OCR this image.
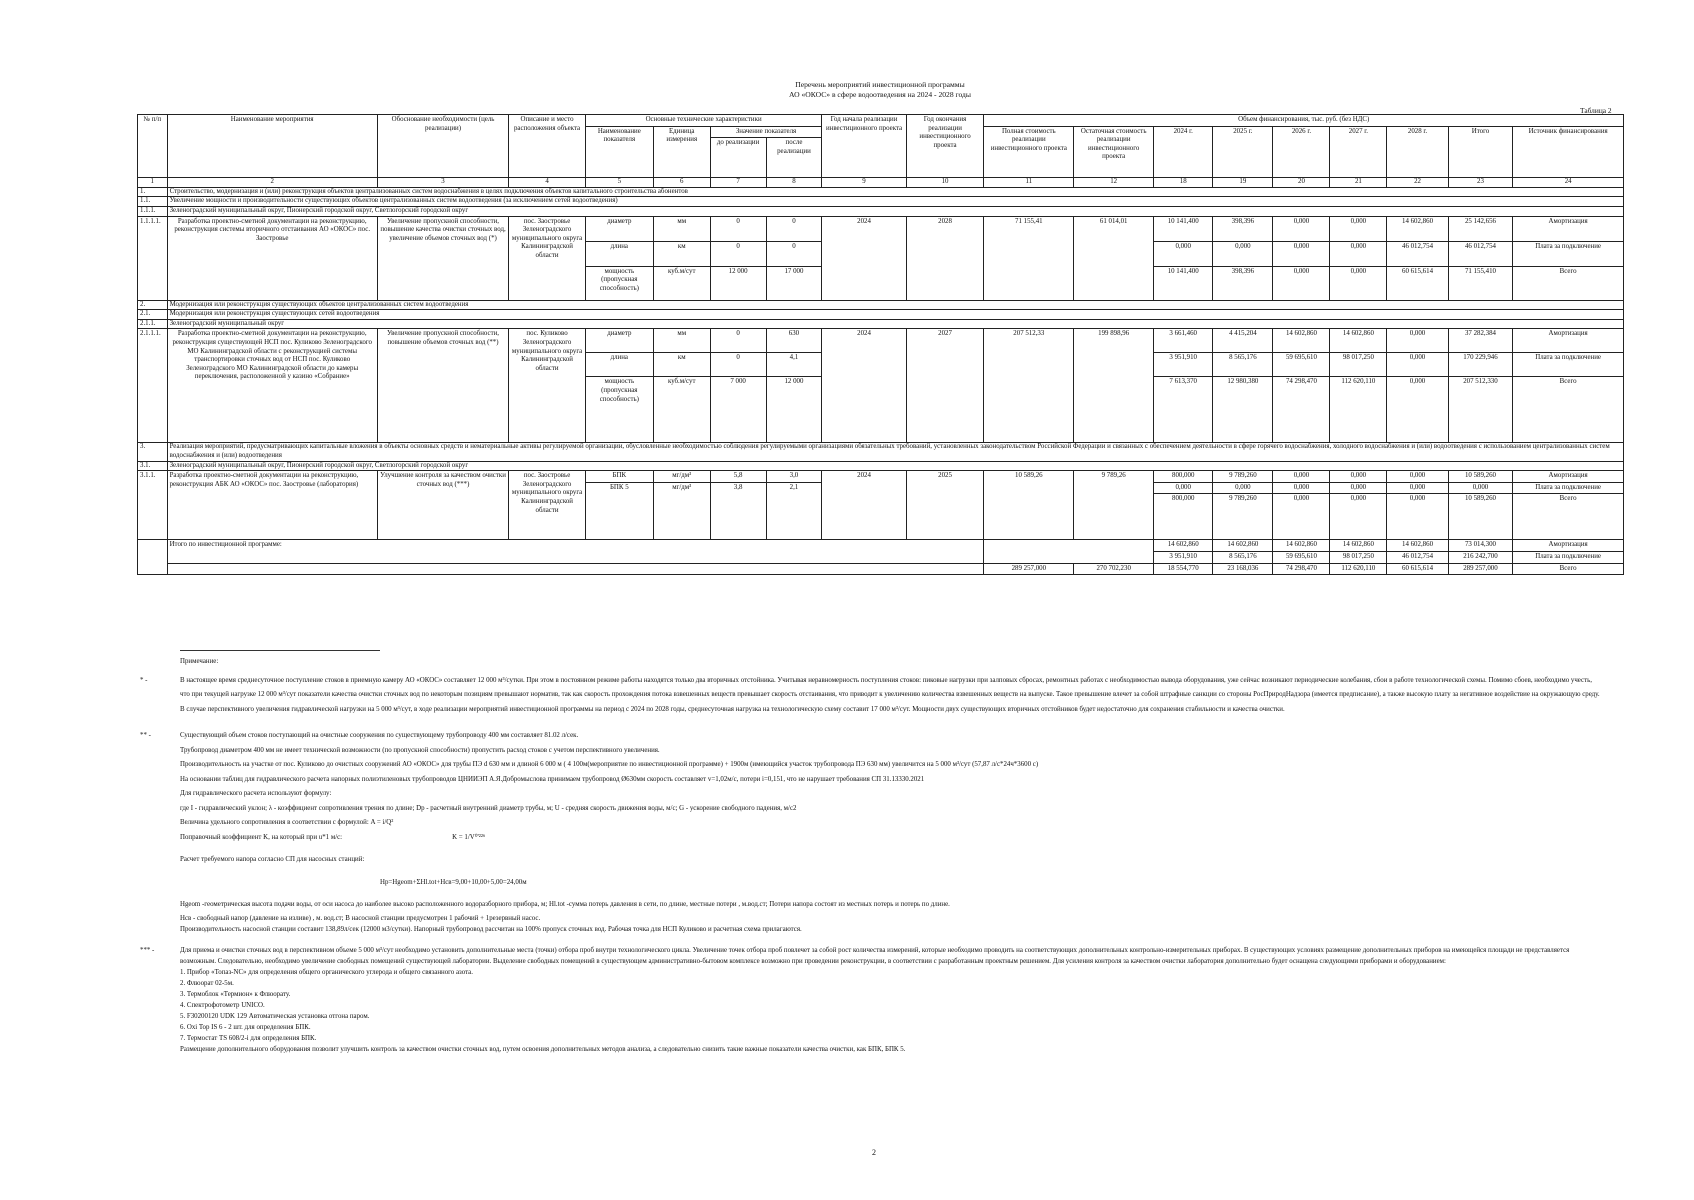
Перечень мероприятий инвестиционной программы
АО «ОКОС» в сфере водоотведения на 2024 - 2028 годы
Таблица 2
№ п/п	Наименование мероприятия	Обоснование необходимости (цель реализации)	Описание и место расположения объекта	Основные технические характеристики				Год начала реализации инвестиционного проекта	Год окончания реализации инвестиционного проекта	Объем финансирования, тыс. руб. (без НДС)								
				Наименование показателя	Единица измерения	Значение показателя				Полная стоимость реализации инвестиционного проекта	Остаточная стоимость реализации инвестиционного проекта	2024 г.	2025 г.	2026 г.	2027 г.	2028 г.	Итого	Источник финансирования
						до реализации	после реализации											
1	2	3	4	5	6	7	8	9	10	11	12	18	19	20	21	22	23	24
1.	Строительство, модернизация и (или) реконструкция объектов централизованных систем водоснабжения в целях подключения объектов капитального строительства абонентов																	
1.1.	Увеличение мощности и производительности существующих объектов централизованных систем водоотведения (за исключением сетей водоотведения)																	
1.1.1.	Зеленоградский муниципальный округ, Пионерский городской округ, Светлогорский городской округ																	
1.1.1.1.	Разработка проектно-сметной документации на реконструкцию, реконструкция системы вторичного отстаивания АО «ОКОС» пос. Заостровье	Увеличение пропускной способности, повышение качества очистки сточных вод, увеличение объемов сточных вод (*)	пос. Заостровье Зеленоградского муниципального округа Калининградской области	диаметр	мм	0	0	2024	2028	71 155,41	61 014,01	10 141,400	398,396	0,000	0,000	14 602,860	25 142,656	Амортизация
				длина	км	0	0					0,000	0,000	0,000	0,000	46 012,754	46 012,754	Плата за подключение
				мощность (пропускная способность)	куб.м/сут	12 000	17 000					10 141,400	398,396	0,000	0,000	60 615,614	71 155,410	Всего
2.	Модернизация или реконструкция существующих объектов централизованных систем водоотведения																	
2.1.	Модернизация или реконструкция существующих сетей водоотведения																	
2.1.1.	Зеленоградский муниципальный округ																	
2.1.1.1.	Разработка проектно-сметной документации на реконструкцию, реконструкция существующей НСП пос. Куликово Зеленоградского МО Калининградской области с реконструкцией системы транспортировки сточных вод от НСП пос. Куликово Зеленоградского МО Калининградской области до камеры переключения, расположенной у казино «Собрание»	Увеличение пропускной способности, повышение объемов сточных вод (**)	пос. Куликово Зеленоградского муниципального округа Калининградской области	диаметр	мм	0	630	2024	2027	207 512,33	199 898,96	3 661,460	4 415,204	14 602,860	14 602,860	0,000	37 282,384	Амортизация
				длина	км	0	4,1					3 951,910	8 565,176	59 695,610	98 017,250	0,000	170 229,946	Плата за подключение
				мощность (пропускная способность)	куб.м/сут	7 000	12 000					7 613,370	12 980,380	74 298,470	112 620,110	0,000	207 512,330	Всего
3.	Реализация мероприятий, предусматривающих капитальные вложения в объекты основных средств и нематериальные активы регулируемой организации, обусловленные необходимостью соблюдения регулируемыми организациями обязательных требований, установленных законодательством Российской Федерации и связанных с обеспечением деятельности в сфере горячего водоснабжения, холодного водоснабжения и (или) водоотведения с использованием централизованных систем водоснабжения и (или) водоотведения																	
3.1.	Зеленоградский муниципальный округ, Пионерский городской округ, Светлогорский городской округ																	
3.1.1.	Разработка проектно-сметной документации на реконструкцию, реконструкция АБК АО «ОКОС» пос. Заостровье (лаборатория)	Улучшение контроля за качеством очистки сточных вод (***)	пос. Заостровье Зеленоградского муниципального округа Калининградской области	БПК	мг/дм³	5,8	3,0	2024	2025	10 589,26	9 789,26	800,000	9 789,260	0,000	0,000	0,000	10 589,260	Амортизация
				БПК 5	мг/дм³	3,8	2,1					0,000	0,000	0,000	0,000	0,000	0,000	Плата за подключение
												800,000	9 789,260	0,000	0,000	0,000	10 589,260	Всего
	Итого по инвестиционной программе:											14 602,860	14 602,860	14 602,860	14 602,860	14 602,860	73 014,300	Амортизация
												3 951,910	8 565,176	59 695,610	98 017,250	46 012,754	216 242,700	Плата за подключение
										289 257,000	270 702,230	18 554,770	23 168,036	74 298,470	112 620,110	60 615,614	289 257,000	Всего
Примечание:
* -	В настоящее время среднесуточное поступление стоков в приемную камеру АО «ОКОС» составляет 12 000 м³/сутки. При этом в постоянном режиме работы находятся только два вторичных отстойника. Учитывая неравномерность поступления стоков: пиковые нагрузки при залповых сбросах, ремонтных работах с необходимостью вывода оборудования, уже сейчас возникают периодические колебания, сбои в работе технологической схемы. Помимо сбоев, необходимо учесть, что при текущей нагрузке 12 000 м³/сут показатели качества очистки сточных вод по некоторым позициям превышают норматив, так как скорость прохождения потока взвешенных веществ превышает скорость отстаивания, что приводит к увеличению количества взвешенных веществ на выпуске. Такое превышение влечет за собой штрафные санкции со стороны РосПриродНадзора (имеется предписание), а также высокую плату за негативное воздействие на окружающую среду. В случае перспективного увеличения гидравлической нагрузки на 5 000 м³/сут, в ходе реализации мероприятий инвестиционной программы на период с 2024 по 2028 годы, среднесуточная нагрузка на технологическую схему составит 17 000 м³/сут. Мощности двух существующих вторичных отстойников будет недостаточно для сохранения стабильности и качества очистки.
** -	Существующий объем стоков поступающий на очистные сооружения по существующему трубопроводу 400 мм составляет 81.02 л/сек.

Трубопровод диаметром 400 мм не имеет технической возможности (по пропускной способности) пропустить расход стоков с учетом перспективного увеличения.

Производительность на участке от пос. Куликово до очистных сооружений АО «ОКОС» для трубы ПЭ d 630 мм и длиной 6 000 м ( 4 100м(мероприятие по инвестиционной программе) + 1900м (имеющийся участок трубопровода ПЭ 630 мм) увеличится на 5 000 м³/сут (57,87 л/с*24ч*3600 с)

На основании таблиц для гидравлического расчета напорных полиэтиленовых трубопроводов ЦНИИЭП А.Я.Добромыслова принимаем трубопровод Ø630мм скорость составляет v=1,02м/с, потери i=0,151, что не нарушает требования СП 31.13330.2021

Для гидравлического расчета используют формулу:

где I - гидравлический уклон; λ - коэффициент сопротивления трения по длине; Dp - расчетный внутренний диаметр трубы, м; U - средняя скорость движения воды, м/с; G - ускорение свободного падения, м/с2

Величина удельного сопротивления в соответствии с формулой: A = i/Q²

Поправочный коэффициент K, на который при u*1 м/с:	K = 1/V⁰'²²⁶

Расчет требуемого напора согласно СП для насосных станций:

Hp=Hgeom+ΣHl.tot+Hсв=9,00+10,00+5,00=24,00м

Hgeom -геометрическая высота подачи воды, от оси насоса до наиболее высоко расположенного водоразборного прибора, м; Hl.tot -сумма потерь давления в сети, по длине, местные потери , м.вод.ст; Потери напора состоят из местных потерь и потерь по длине.

Hсв - свободный напор (давление на изливе) , м. вод.ст; В насосной станции предусмотрен 1 рабочий + 1резервный насос.

Производительность насосной станции составит 138,89л/сек (12000 м3/сутки). Напорный трубопровод рассчитан на 100% пропуск сточных вод. Рабочая точка для НСП Куликово и расчетная схема прилагаются.

*** -	Для приема и очистки сточных вод в перспективном объеме 5 000 м³/сут необходимо установить дополнительные места (точки) отбора проб внутри технологического цикла. Увеличение точек отбора проб повлечет за собой рост количества измерений, которые необходимо проводить на соответствующих дополнительных контрольно-измерительных приборах. В существующих условиях размещение дополнительных приборов на имеющейся площади не представляется возможным. Следовательно, необходимо увеличение свободных помещений существующей лаборатории. Выделение свободных помещений в существующем административно-бытовом комплексе возможно при проведении реконструкции, в соответствии с разработанным проектным решением. Для усиления контроля за качеством очистки лаборатория дополнительно будет оснащена следующими приборами и оборудованием:

1. Прибор «Топаз-NC» для определения общего органического углерода и общего связанного азота.

2. Флюорат 02-5м.

3. Термоблок «Термион» к Флюорату.

4. Спектрофотометр UNICO.

5. F30200120 UDK 129 Автоматическая установка отгона паром.

6. Oxi Top IS 6 - 2 шт. для определения БПК.

7. Термостат TS 608/2-i для определения БПК.

Размещение дополнительного оборудования позволит улучшить контроль за качеством очистки сточных вод, путем освоения дополнительных методов анализа, а следовательно снизить такие важные показатели качества очистки, как БПК, БПК 5.

2
